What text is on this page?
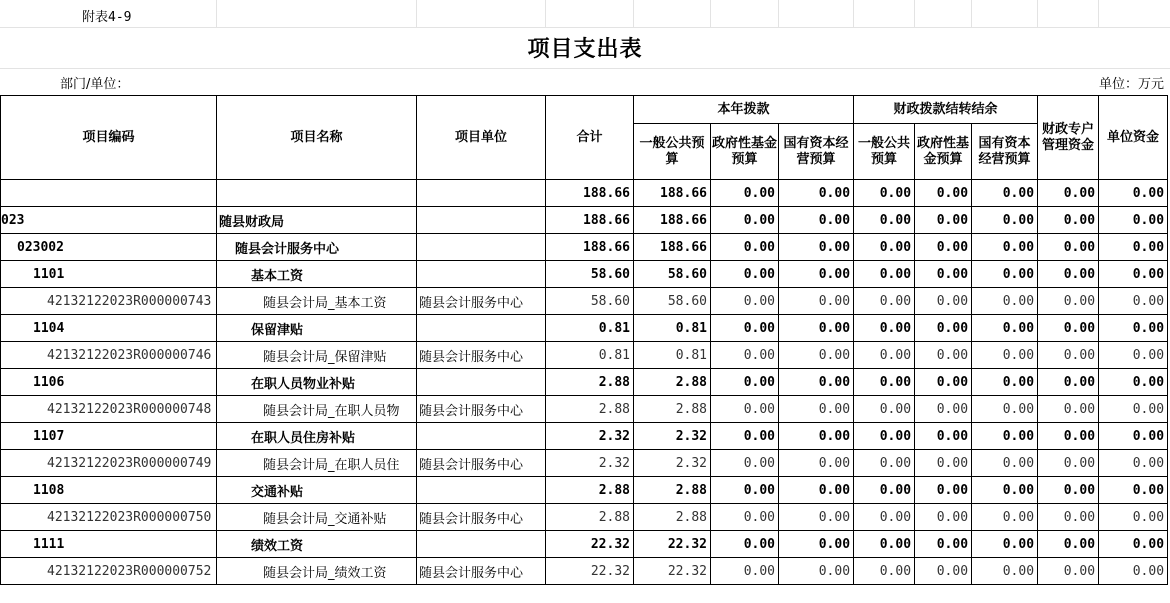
附表4-9
项目支出表
部门/单位：	单位：万元
项目编码	项目名称	项目单位	合计	本年拨款			财政拨款结转结余			财政专户管理资金	单位资金
				一般公共预算	政府性基金预算	国有资本经营预算	一般公共预算	政府性基金预算	国有资本经营预算		
			188.66	188.66	0.00	0.00	0.00	0.00	0.00	0.00	0.00
023	随县财政局		188.66	188.66	0.00	0.00	0.00	0.00	0.00	0.00	0.00
023002	随县会计服务中心		188.66	188.66	0.00	0.00	0.00	0.00	0.00	0.00	0.00
1101	基本工资		58.60	58.60	0.00	0.00	0.00	0.00	0.00	0.00	0.00
42132122023R000000743	随县会计局_基本工资	随县会计服务中心	58.60	58.60	0.00	0.00	0.00	0.00	0.00	0.00	0.00
1104	保留津贴		0.81	0.81	0.00	0.00	0.00	0.00	0.00	0.00	0.00
42132122023R000000746	随县会计局_保留津贴	随县会计服务中心	0.81	0.81	0.00	0.00	0.00	0.00	0.00	0.00	0.00
1106	在职人员物业补贴		2.88	2.88	0.00	0.00	0.00	0.00	0.00	0.00	0.00
42132122023R000000748	随县会计局_在职人员物	随县会计服务中心	2.88	2.88	0.00	0.00	0.00	0.00	0.00	0.00	0.00
1107	在职人员住房补贴		2.32	2.32	0.00	0.00	0.00	0.00	0.00	0.00	0.00
42132122023R000000749	随县会计局_在职人员住	随县会计服务中心	2.32	2.32	0.00	0.00	0.00	0.00	0.00	0.00	0.00
1108	交通补贴		2.88	2.88	0.00	0.00	0.00	0.00	0.00	0.00	0.00
42132122023R000000750	随县会计局_交通补贴	随县会计服务中心	2.88	2.88	0.00	0.00	0.00	0.00	0.00	0.00	0.00
1111	绩效工资		22.32	22.32	0.00	0.00	0.00	0.00	0.00	0.00	0.00
42132122023R000000752	随县会计局_绩效工资	随县会计服务中心	22.32	22.32	0.00	0.00	0.00	0.00	0.00	0.00	0.00
